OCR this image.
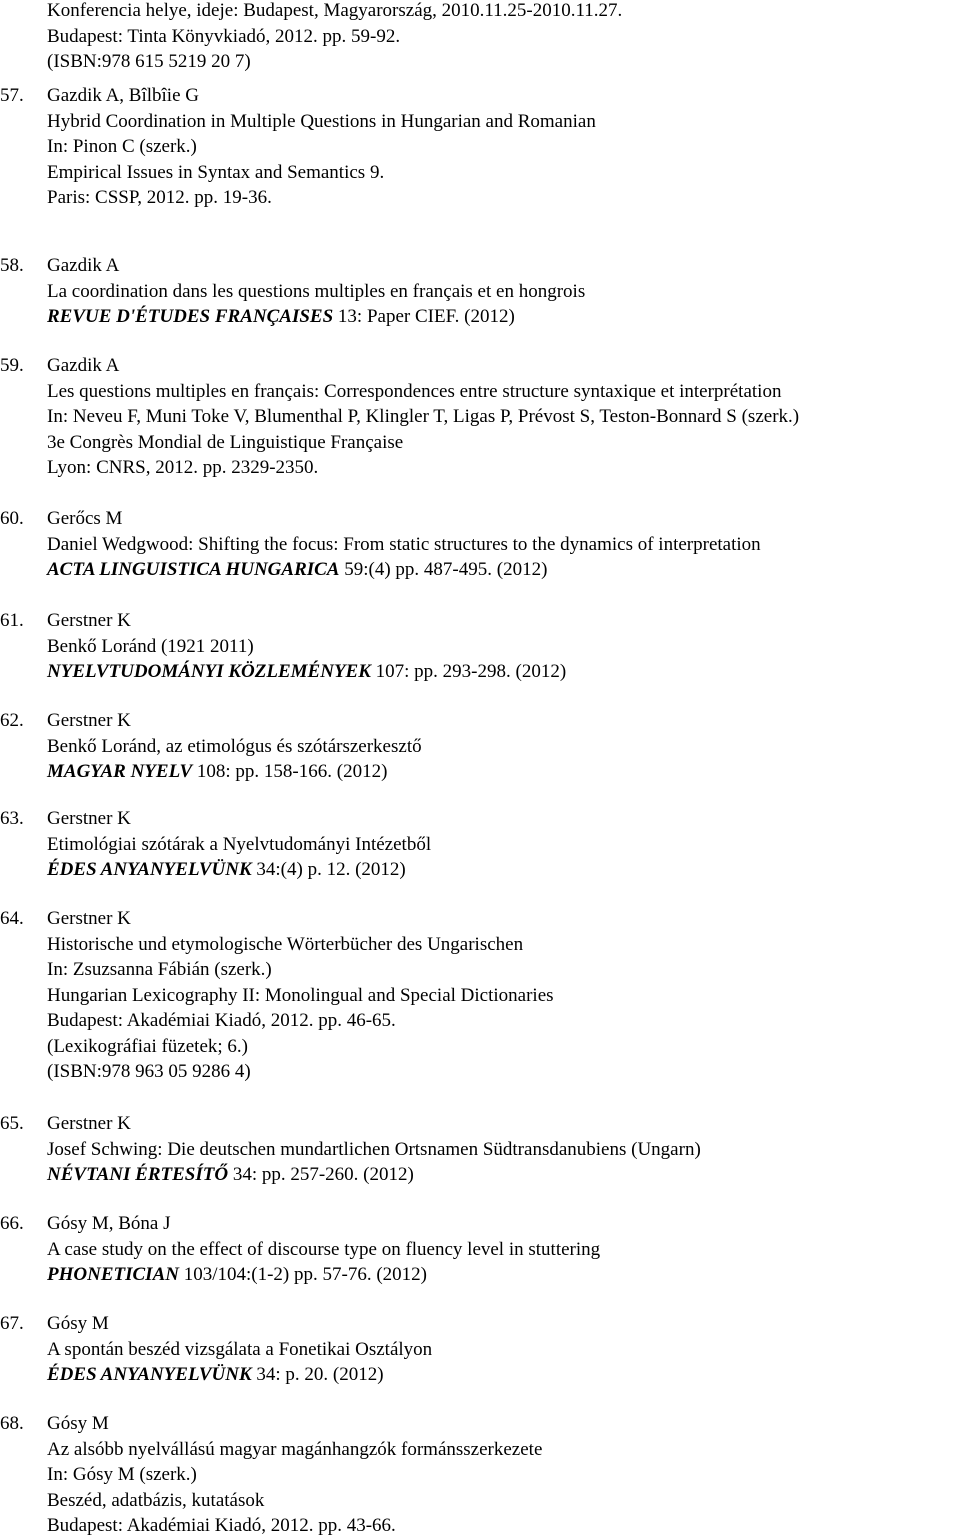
Konferencia helye, ideje: Budapest, Magyarország, 2010.11.25-2010.11.27.
Budapest: Tinta Könyvkiadó, 2012. pp. 59-92.
(ISBN:978 615 5219 20 7)
57. Gazdik A, Bîlbîie G
Hybrid Coordination in Multiple Questions in Hungarian and Romanian
In: Pinon C (szerk.)
Empirical Issues in Syntax and Semantics 9.
Paris: CSSP, 2012. pp. 19-36.
58. Gazdik A
La coordination dans les questions multiples en français et en hongrois
REVUE D'ÉTUDES FRANÇAISES 13: Paper CIEF. (2012)
59. Gazdik A
Les questions multiples en français: Correspondences entre structure syntaxique et interprétation
In: Neveu F, Muni Toke V, Blumenthal P, Klingler T, Ligas P, Prévost S, Teston-Bonnard S (szerk.)
3e Congrès Mondial de Linguistique Française
Lyon: CNRS, 2012. pp. 2329-2350.
60. Gerőcs M
Daniel Wedgwood: Shifting the focus: From static structures to the dynamics of interpretation
ACTA LINGUISTICA HUNGARICA 59:(4) pp. 487-495. (2012)
61. Gerstner K
Benkő Loránd (1921 2011)
NYELVTUDOMÁNYI KÖZLEMÉNYEK 107: pp. 293-298. (2012)
62. Gerstner K
Benkő Loránd, az etimológus és szótárszerkesztő
MAGYAR NYELV 108: pp. 158-166. (2012)
63. Gerstner K
Etimológiai szótárak a Nyelvtudományi Intézetből
ÉDES ANYANYELVÜNK 34:(4) p. 12. (2012)
64. Gerstner K
Historische und etymologische Wörterbücher des Ungarischen
In: Zsuzsanna Fábián (szerk.)
Hungarian Lexicography II: Monolingual and Special Dictionaries
Budapest: Akadémiai Kiadó, 2012. pp. 46-65.
(Lexikográfiai füzetek; 6.)
(ISBN:978 963 05 9286 4)
65. Gerstner K
Josef Schwing: Die deutschen mundartlichen Ortsnamen Südtransdanubiens (Ungarn)
NÉVTANI ÉRTESÍTŐ 34: pp. 257-260. (2012)
66. Gósy M, Bóna J
A case study on the effect of discourse type on fluency level in stuttering
PHONETICIAN 103/104:(1-2) pp. 57-76. (2012)
67. Gósy M
A spontán beszéd vizsgálata a Fonetikai Osztályon
ÉDES ANYANYELVÜNK 34: p. 20. (2012)
68. Gósy M
Az alsóbb nyelvállású magyar magánhangzók formánsszerkezete
In: Gósy M (szerk.)
Beszéd, adatbázis, kutatások
Budapest: Akadémiai Kiadó, 2012. pp. 43-66.
